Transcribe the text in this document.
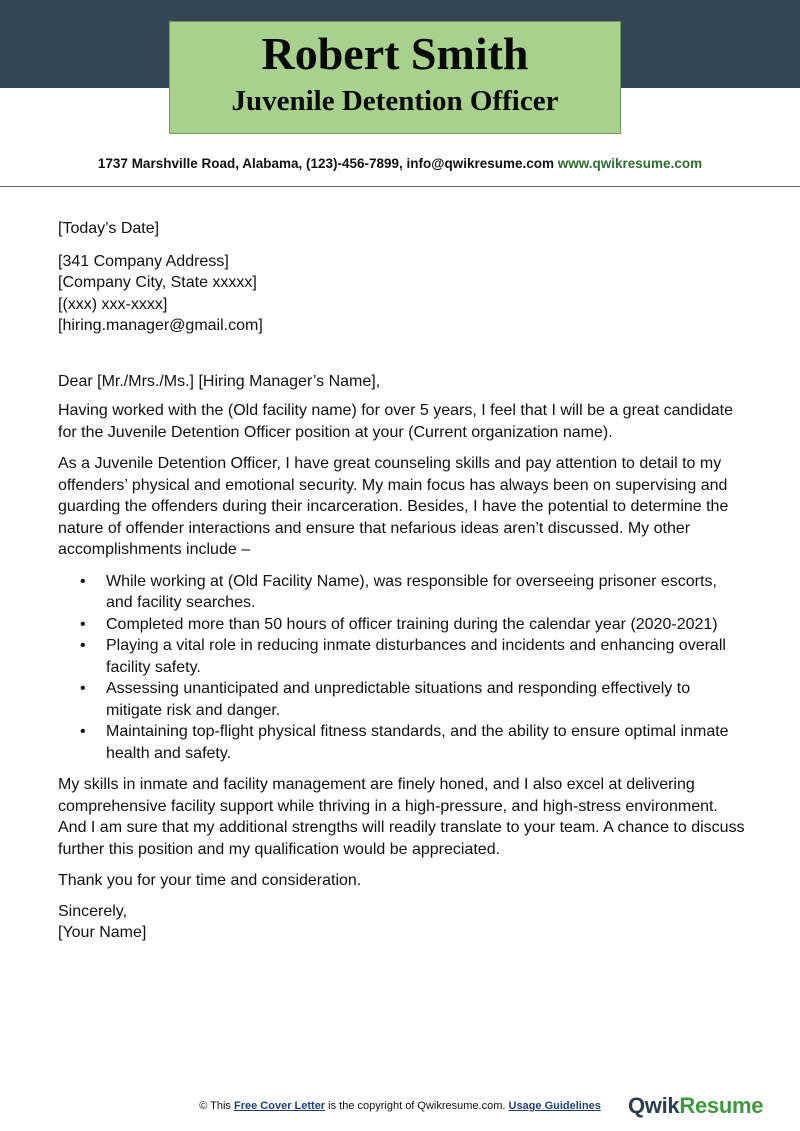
Robert Smith
Juvenile Detention Officer
1737 Marshville Road, Alabama, (123)-456-7899, info@qwikresume.com www.qwikresume.com

[Today’s Date]

[341 Company Address]

[Company City, State xxxxx]

[(xxx) xxx-xxxx]

[hiring.manager@gmail.com]

Dear [Mr./Mrs./Ms.] [Hiring Manager’s Name],

Having worked with the (Old facility name) for over 5 years, I feel that I will be a great candidate for the Juvenile Detention Officer position at your (Current organization name).

As a Juvenile Detention Officer, I have great counseling skills and pay attention to detail to my offenders’ physical and emotional security. My main focus has always been on supervising and guarding the offenders during their incarceration. Besides, I have the potential to determine the nature of offender interactions and ensure that nefarious ideas aren’t discussed. My other accomplishments include –

• While working at (Old Facility Name), was responsible for overseeing prisoner escorts, and facility searches.
• Completed more than 50 hours of officer training during the calendar year (2020-2021)
• Playing a vital role in reducing inmate disturbances and incidents and enhancing overall facility safety.
• Assessing unanticipated and unpredictable situations and responding effectively to mitigate risk and danger.
• Maintaining top-flight physical fitness standards, and the ability to ensure optimal inmate health and safety.

My skills in inmate and facility management are finely honed, and I also excel at delivering comprehensive facility support while thriving in a high-pressure, and high-stress environment. And I am sure that my additional strengths will readily translate to your team. A chance to discuss further this position and my qualification would be appreciated.

Thank you for your time and consideration.

Sincerely,

[Your Name]

© This Free Cover Letter is the copyright of Qwikresume.com. Usage Guidelines	QwikResume
